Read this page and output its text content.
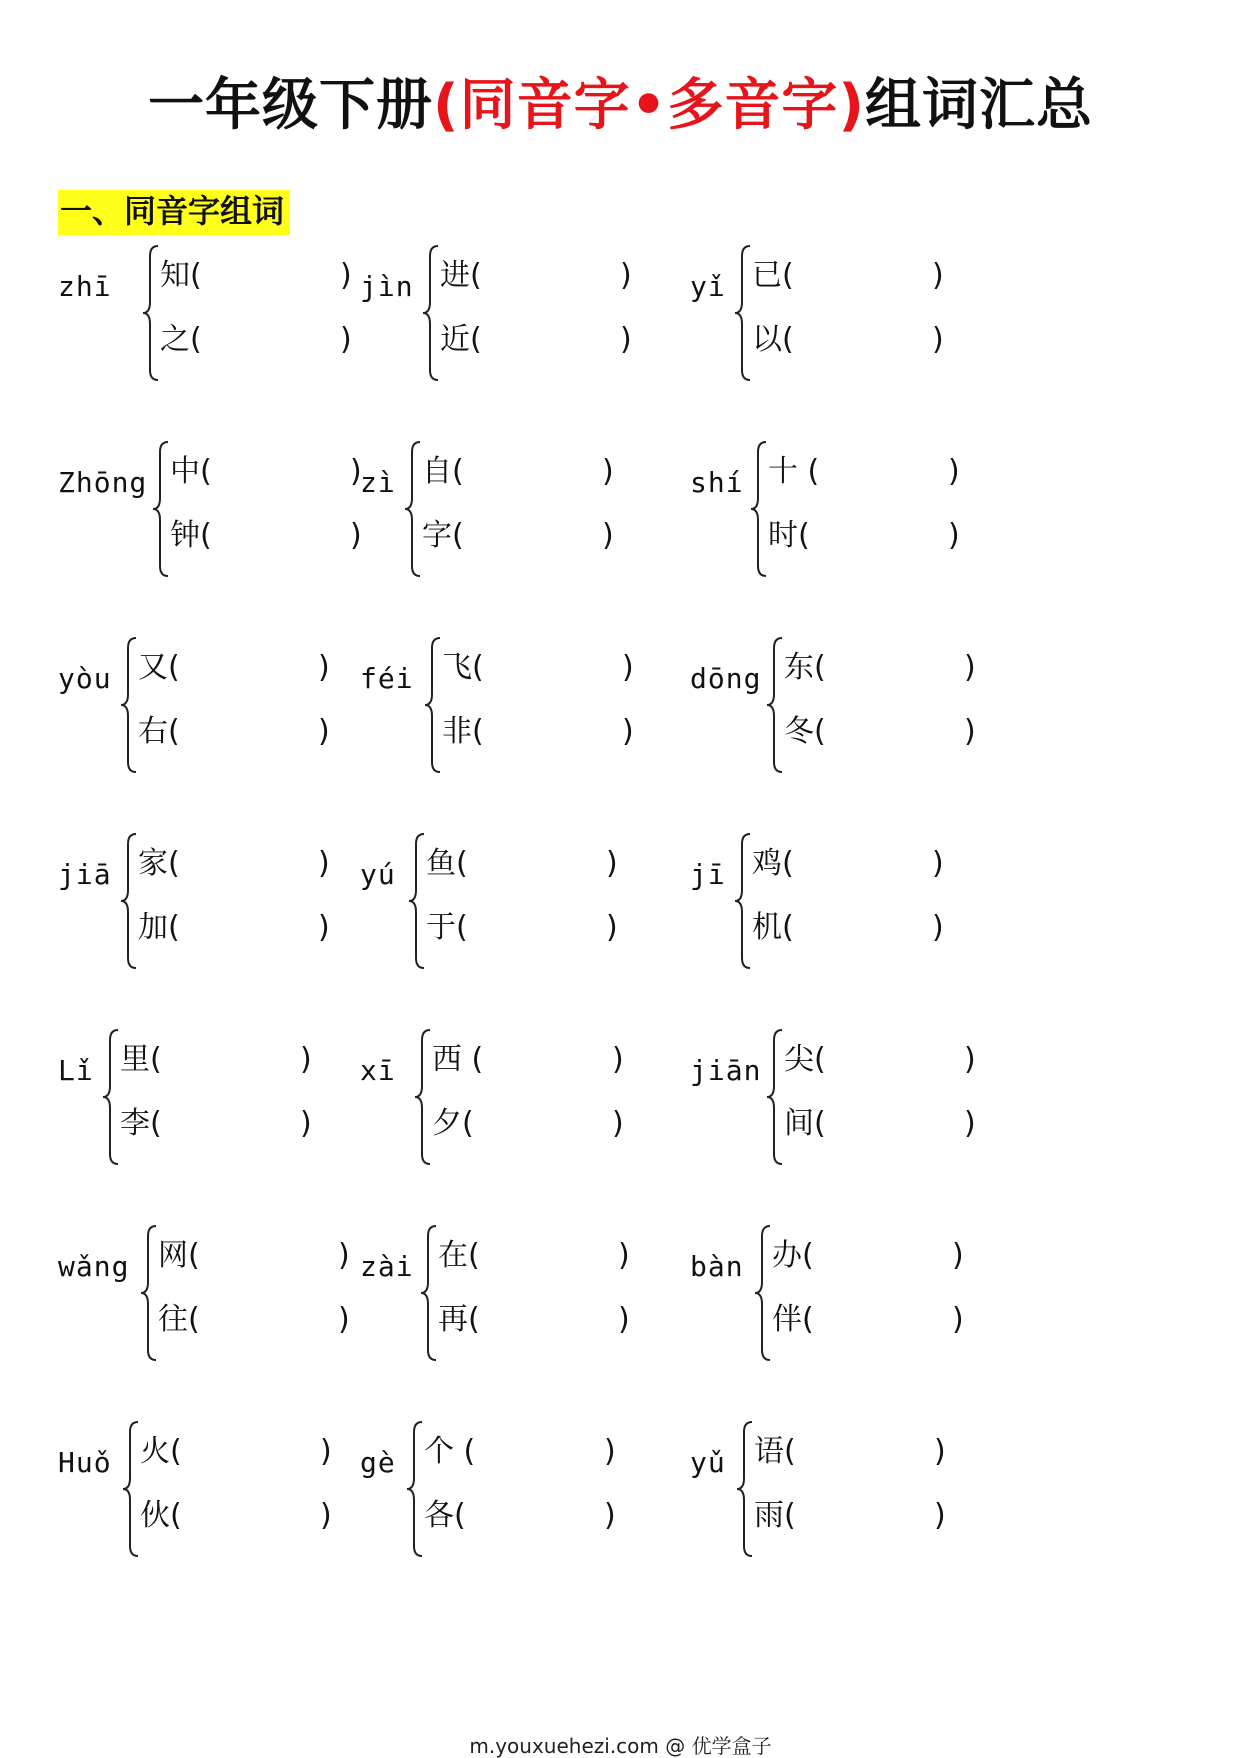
一年级下册(同音字•多音字)组词汇总
一、同音字组词
zhī 知(	)
之(	)
jìn 进(	)
近(	)
yǐ 已(	)
以(	)
Zhōng 中(	)
钟(	)
zì 自(	)
字(	)
shí 十 (	)
时(	)
yòu 又(	)
右(	)
féi 飞(	)
非(	)
dōng 东(	)
冬(	)
jiā 家(	)
加(	)
yú 鱼(	)
于(	)
jī 鸡(	)
机(	)
Lǐ 里(	)
李(	)
xī 西 (	)
夕(	)
jiān 尖(	)
间(	)
wǎng 网(	)
往(	)
zài 在(	)
再(	)
bàn 办(	)
伴(	)
Huǒ 火(	)
伙(	)
gè 个 (	)
各(	)
yǔ 语(	)
雨(	)
m.youxuehezi.com @ 优学盒子
